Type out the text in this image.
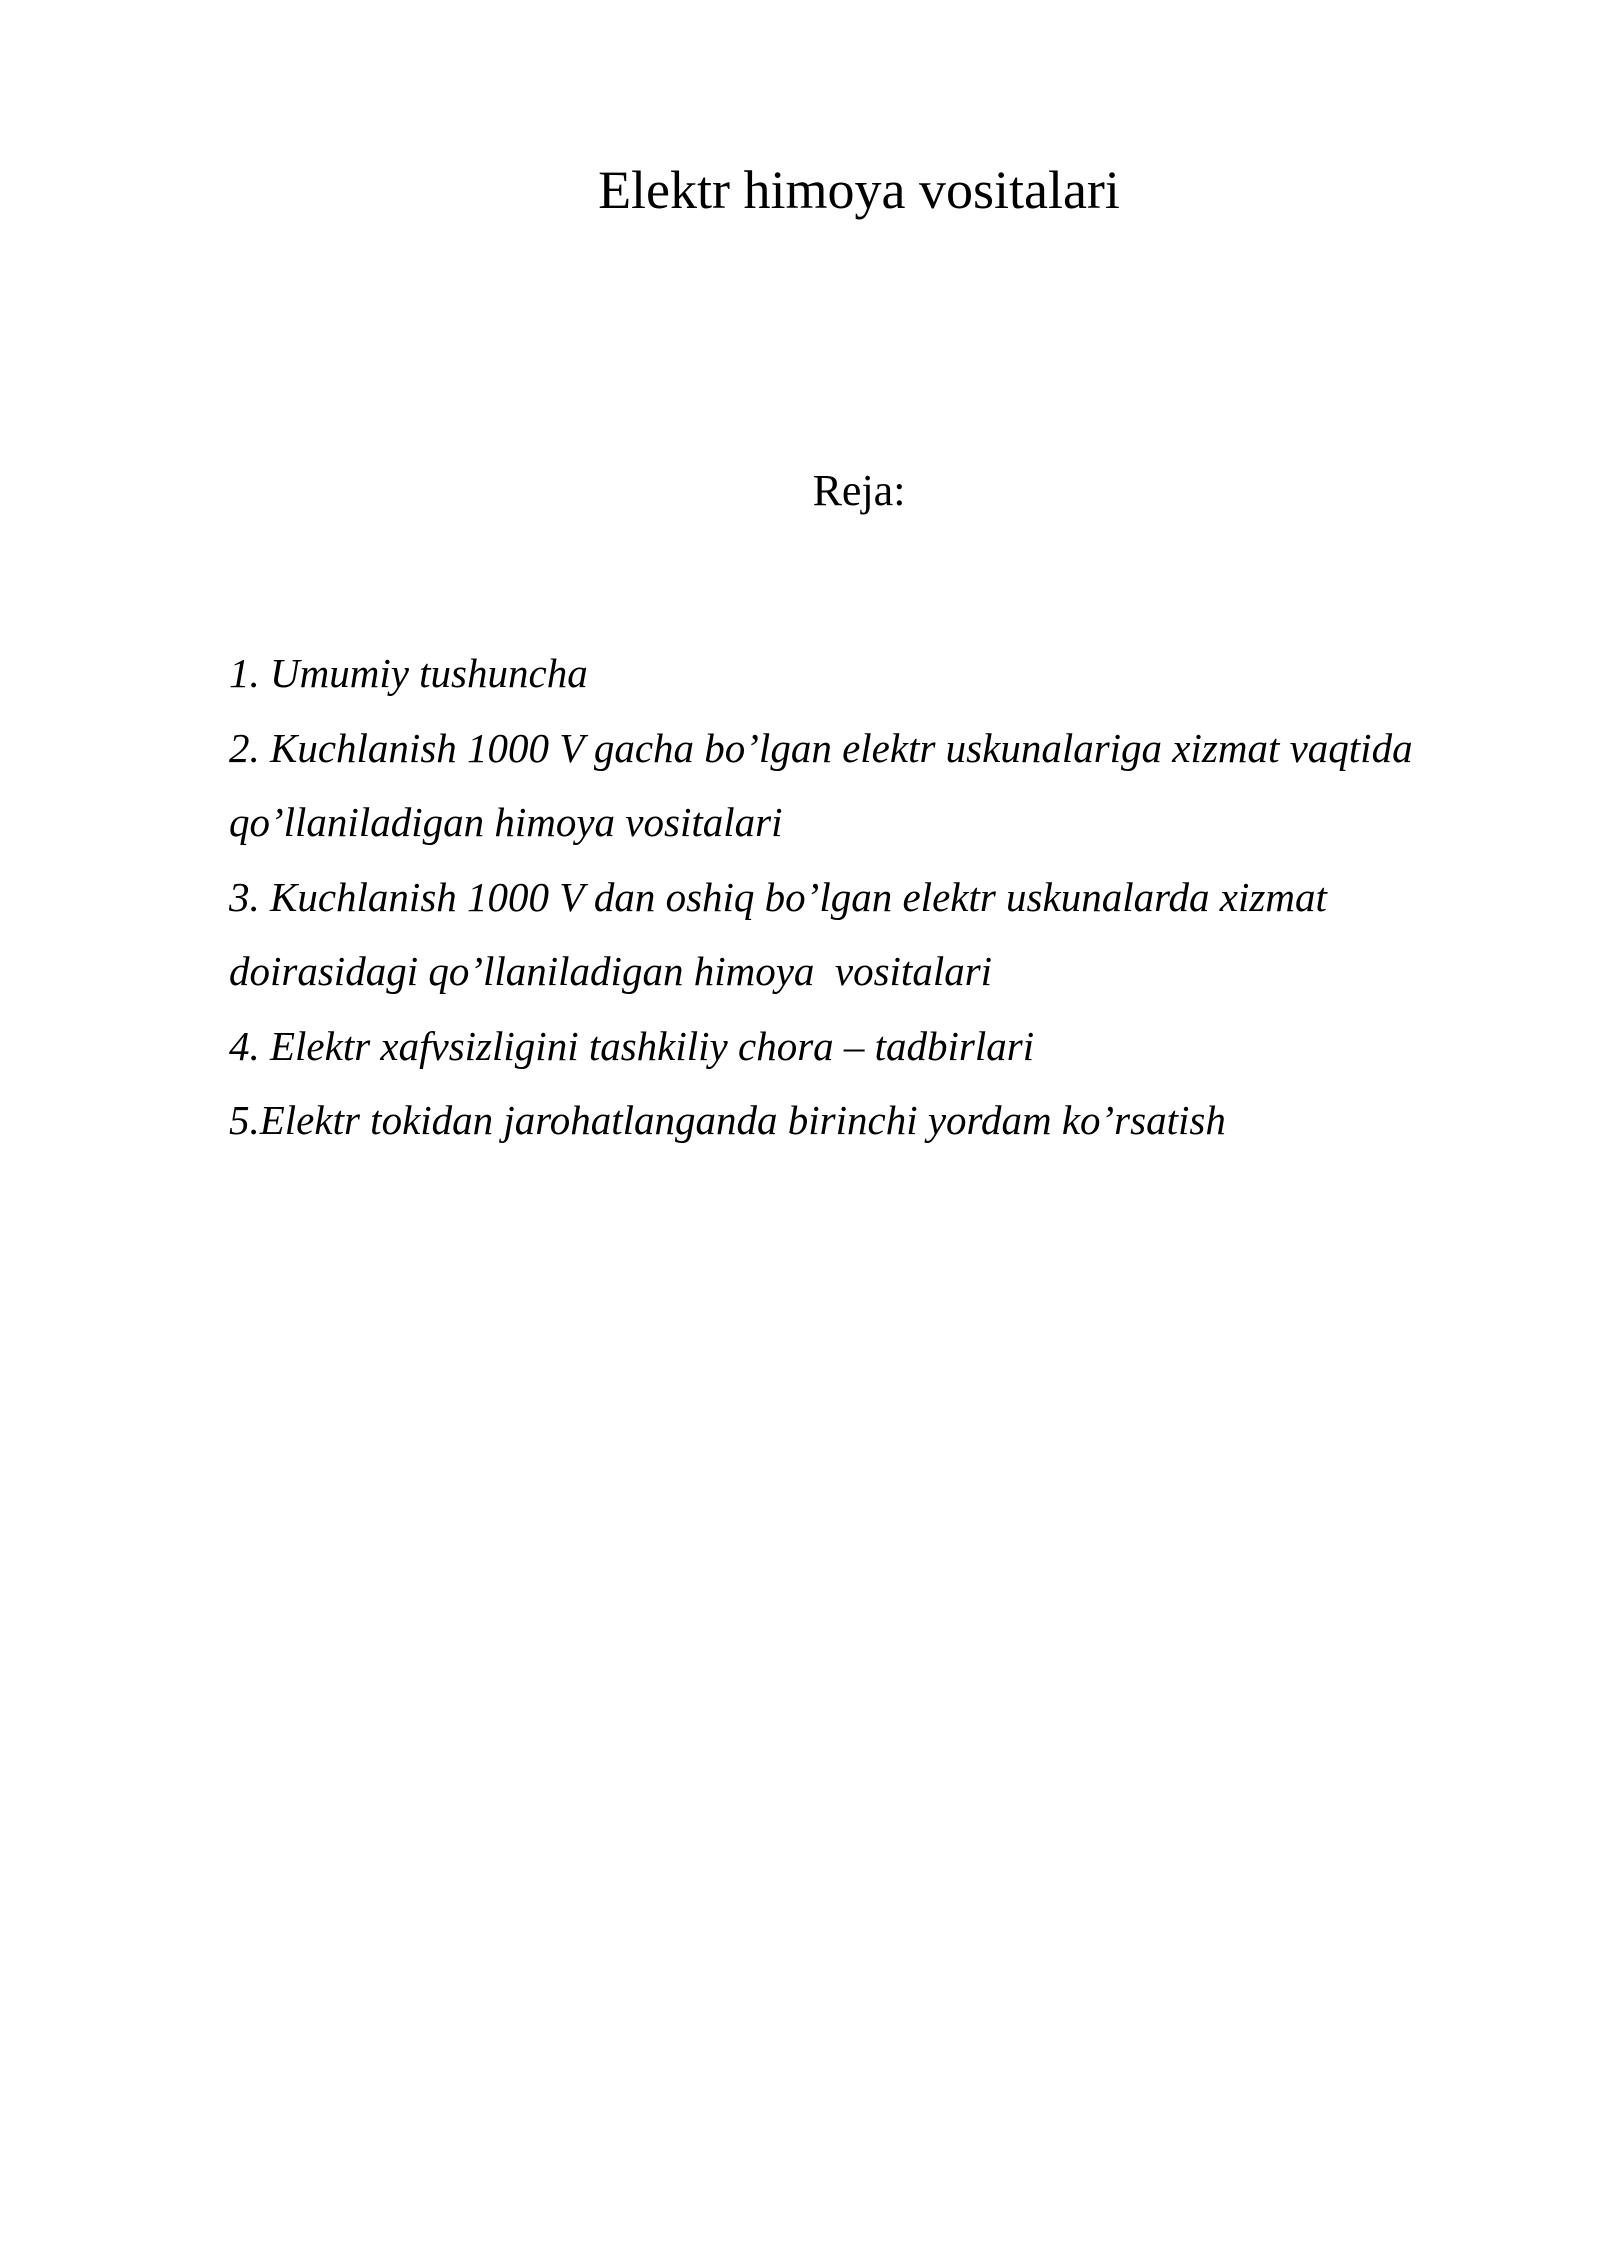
Elektr himoya vositalari
Reja:
1. Umumiy tushuncha
2. Kuchlanish 1000 V gacha bo’lgan elektr uskunalariga xizmat vaqtida
qo’llaniladigan himoya vositalari
3. Kuchlanish 1000 V dan oshiq bo’lgan elektr uskunalarda xizmat
doirasidagi qo’llaniladigan himoya  vositalari
4. Elektr xafvsizligini tashkiliy chora – tadbirlari
5.Elektr tokidan jarohatlanganda birinchi yordam ko’rsatish
